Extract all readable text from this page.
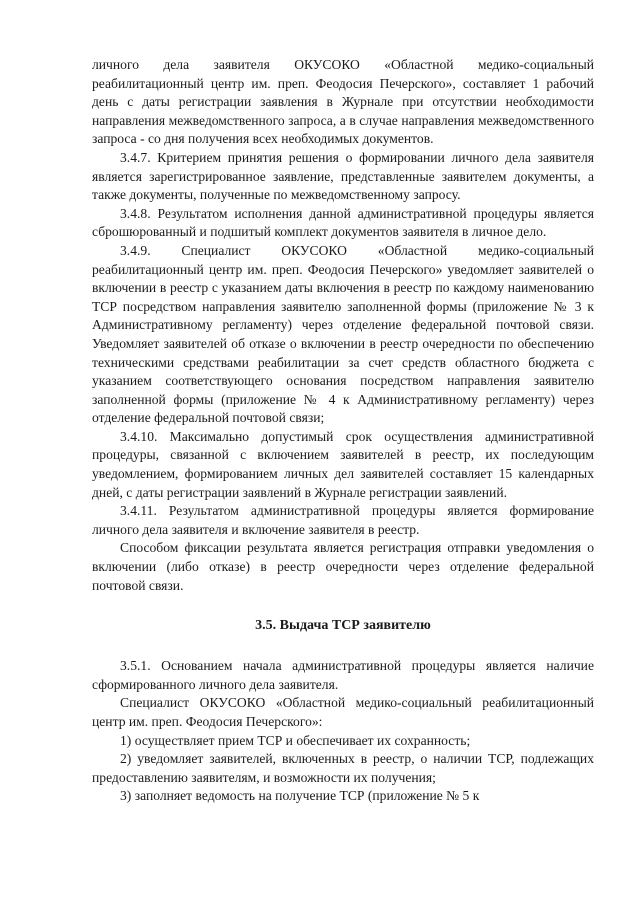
личного дела заявителя ОКУСОКО «Областной медико-социальный реабилитационный центр им. преп. Феодосия Печерского», составляет 1 рабочий день с даты регистрации заявления в Журнале при отсутствии необходимости направления межведомственного запроса, а в случае направления межведомственного запроса - со дня получения всех необходимых документов.

3.4.7. Критерием принятия решения о формировании личного дела заявителя является зарегистрированное заявление, представленные заявителем документы, а также документы, полученные по межведомственному запросу.

3.4.8. Результатом исполнения данной административной процедуры является сброшюрованный и подшитый комплект документов заявителя в личное дело.

3.4.9. Специалист ОКУСОКО «Областной медико-социальный реабилитационный центр им. преп. Феодосия Печерского» уведомляет заявителей о включении в реестр с указанием даты включения в реестр по каждому наименованию ТСР посредством направления заявителю заполненной формы (приложение № 3 к Административному регламенту) через отделение федеральной почтовой связи. Уведомляет заявителей об отказе о включении в реестр очередности по обеспечению техническими средствами реабилитации за счет средств областного бюджета с указанием соответствующего основания посредством направления заявителю заполненной формы (приложение № 4 к Административному регламенту) через отделение федеральной почтовой связи;

3.4.10. Максимально допустимый срок осуществления административной процедуры, связанной с включением заявителей в реестр, их последующим уведомлением, формированием личных дел заявителей составляет 15 календарных дней, с даты регистрации заявлений в Журнале регистрации заявлений.

3.4.11. Результатом административной процедуры является формирование личного дела заявителя и включение заявителя в реестр.

Способом фиксации результата является регистрация отправки уведомления о включении (либо отказе) в реестр очередности через отделение федеральной почтовой связи.

3.5. Выдача ТСР заявителю

3.5.1. Основанием начала административной процедуры является наличие сформированного личного дела заявителя.

Специалист ОКУСОКО «Областной медико-социальный реабилитационный центр им. преп. Феодосия Печерского»:

1) осуществляет прием ТСР и обеспечивает их сохранность;

2) уведомляет заявителей, включенных в реестр, о наличии ТСР, подлежащих предоставлению заявителям, и возможности их получения;

3) заполняет ведомость на получение ТСР (приложение № 5 к
